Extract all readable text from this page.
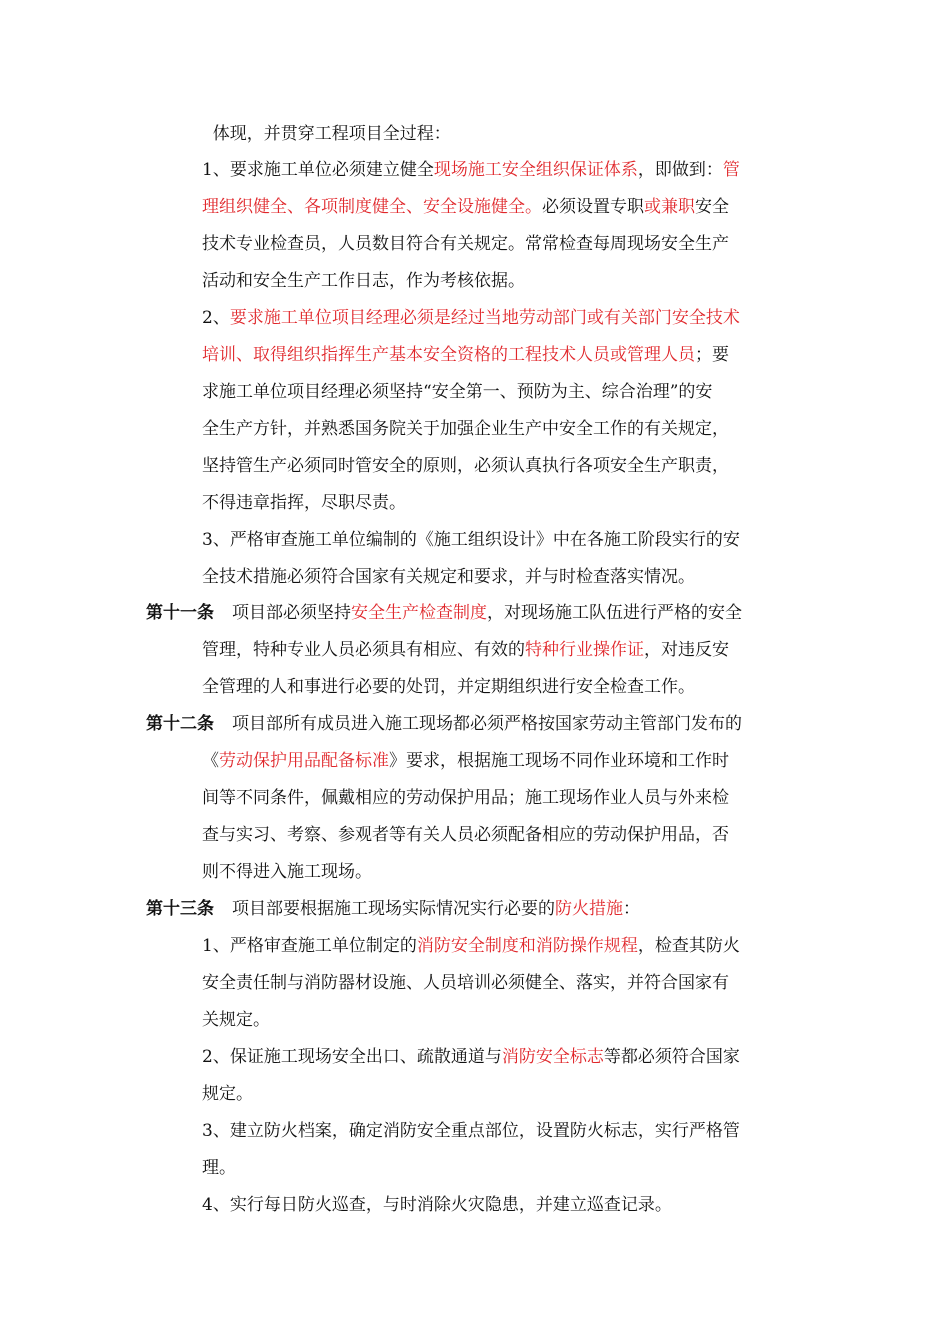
体现，并贯穿工程项目全过程：
1、要求施工单位必须建立健全现场施工安全组织保证体系，即做到：管
理组织健全、各项制度健全、安全设施健全。必须设置专职或兼职安全
技术专业检查员，人员数目符合有关规定。常常检查每周现场安全生产
活动和安全生产工作日志，作为考核依据。
2、要求施工单位项目经理必须是经过当地劳动部门或有关部门安全技术
培训、取得组织指挥生产基本安全资格的工程技术人员或管理人员；要
求施工单位项目经理必须坚持“安全第一、预防为主、综合治理”的安
全生产方针，并熟悉国务院关于加强企业生产中安全工作的有关规定，
坚持管生产必须同时管安全的原则，必须认真执行各项安全生产职责，
不得违章指挥，尽职尽责。
3、严格审查施工单位编制的《施工组织设计》中在各施工阶段实行的安
全技术措施必须符合国家有关规定和要求，并与时检查落实情况。
第十一条 项目部必须坚持安全生产检查制度，对现场施工队伍进行严格的安全
管理，特种专业人员必须具有相应、有效的特种行业操作证，对违反安
全管理的人和事进行必要的处罚，并定期组织进行安全检查工作。
第十二条 项目部所有成员进入施工现场都必须严格按国家劳动主管部门发布的
《劳动保护用品配备标准》要求，根据施工现场不同作业环境和工作时
间等不同条件，佩戴相应的劳动保护用品；施工现场作业人员与外来检
查与实习、考察、参观者等有关人员必须配备相应的劳动保护用品，否
则不得进入施工现场。
第十三条 项目部要根据施工现场实际情况实行必要的防火措施：
1、严格审查施工单位制定的消防安全制度和消防操作规程，检查其防火
安全责任制与消防器材设施、人员培训必须健全、落实，并符合国家有
关规定。
2、保证施工现场安全出口、疏散通道与消防安全标志等都必须符合国家
规定。
3、建立防火档案，确定消防安全重点部位，设置防火标志，实行严格管
理。
4、实行每日防火巡查，与时消除火灾隐患，并建立巡查记录。
